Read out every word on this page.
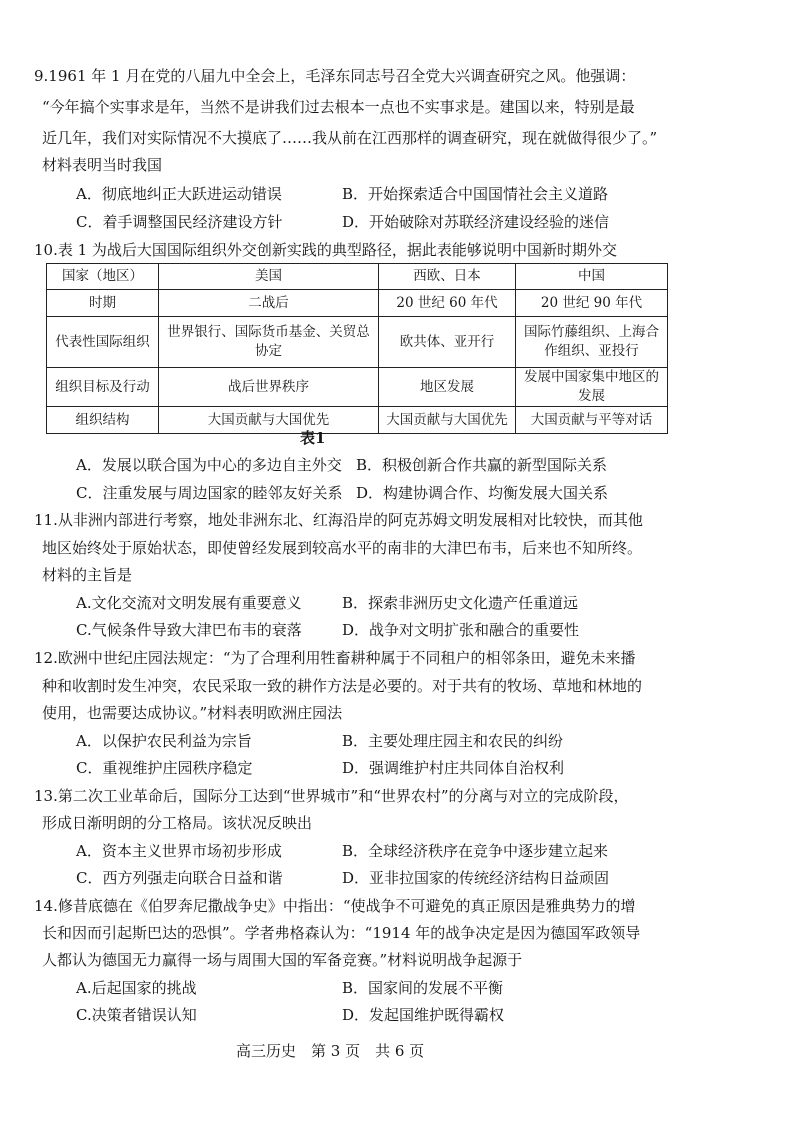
9.1961 年 1 月在党的八届九中全会上，毛泽东同志号召全党大兴调查研究之风。他强调：
“今年搞个实事求是年，当然不是讲我们过去根本一点也不实事求是。建国以来，特别是最
近几年，我们对实际情况不大摸底了……我从前在江西那样的调查研究，现在就做得很少了。”
材料表明当时我国
A．彻底地纠正大跃进运动错误	B．开始探索适合中国国情社会主义道路
C．着手调整国民经济建设方针	D．开始破除对苏联经济建设经验的迷信
10.表 1 为战后大国国际组织外交创新实践的典型路径，据此表能够说明中国新时期外交
国家（地区）	美国	西欧、日本	中国
时期	二战后	20 世纪 60 年代	20 世纪 90 年代
代表性国际组织	世界银行、国际货币基金、关贸总协定	欧共体、亚开行	国际竹藤组织、上海合作组织、亚投行
组织目标及行动	战后世界秩序	地区发展	发展中国家集中地区的发展
组织结构	大国贡献与大国优先	大国贡献与大国优先	大国贡献与平等对话
表1
A．发展以联合国为中心的多边自主外交 B．积极创新合作共赢的新型国际关系
C．注重发展与周边国家的睦邻友好关系 D．构建协调合作、均衡发展大国关系
11.从非洲内部进行考察，地处非洲东北、红海沿岸的阿克苏姆文明发展相对比较快，而其他
地区始终处于原始状态，即使曾经发展到较高水平的南非的大津巴布韦，后来也不知所终。
材料的主旨是
A.文化交流对文明发展有重要意义	B．探索非洲历史文化遗产任重道远
C.气候条件导致大津巴布韦的衰落	D．战争对文明扩张和融合的重要性
12.欧洲中世纪庄园法规定：“为了合理利用牲畜耕种属于不同租户的相邻条田，避免未来播
种和收割时发生冲突，农民采取一致的耕作方法是必要的。对于共有的牧场、草地和林地的
使用，也需要达成协议。”材料表明欧洲庄园法
A．以保护农民利益为宗旨	B．主要处理庄园主和农民的纠纷
C．重视维护庄园秩序稳定	D．强调维护村庄共同体自治权利
13.第二次工业革命后，国际分工达到“世界城市”和“世界农村”的分离与对立的完成阶段，
形成日渐明朗的分工格局。该状况反映出
A．资本主义世界市场初步形成	B．全球经济秩序在竞争中逐步建立起来
C．西方列强走向联合日益和谐	D．亚非拉国家的传统经济结构日益顽固
14.修昔底德在《伯罗奔尼撒战争史》中指出：“使战争不可避免的真正原因是雅典势力的增
长和因而引起斯巴达的恐惧”。学者弗格森认为：“1914 年的战争决定是因为德国军政领导
人都认为德国无力赢得一场与周围大国的军备竞赛。”材料说明战争起源于
A.后起国家的挑战	B．国家间的发展不平衡
C.决策者错误认知	D．发起国维护既得霸权
高三历史　第 3 页　共 6 页
